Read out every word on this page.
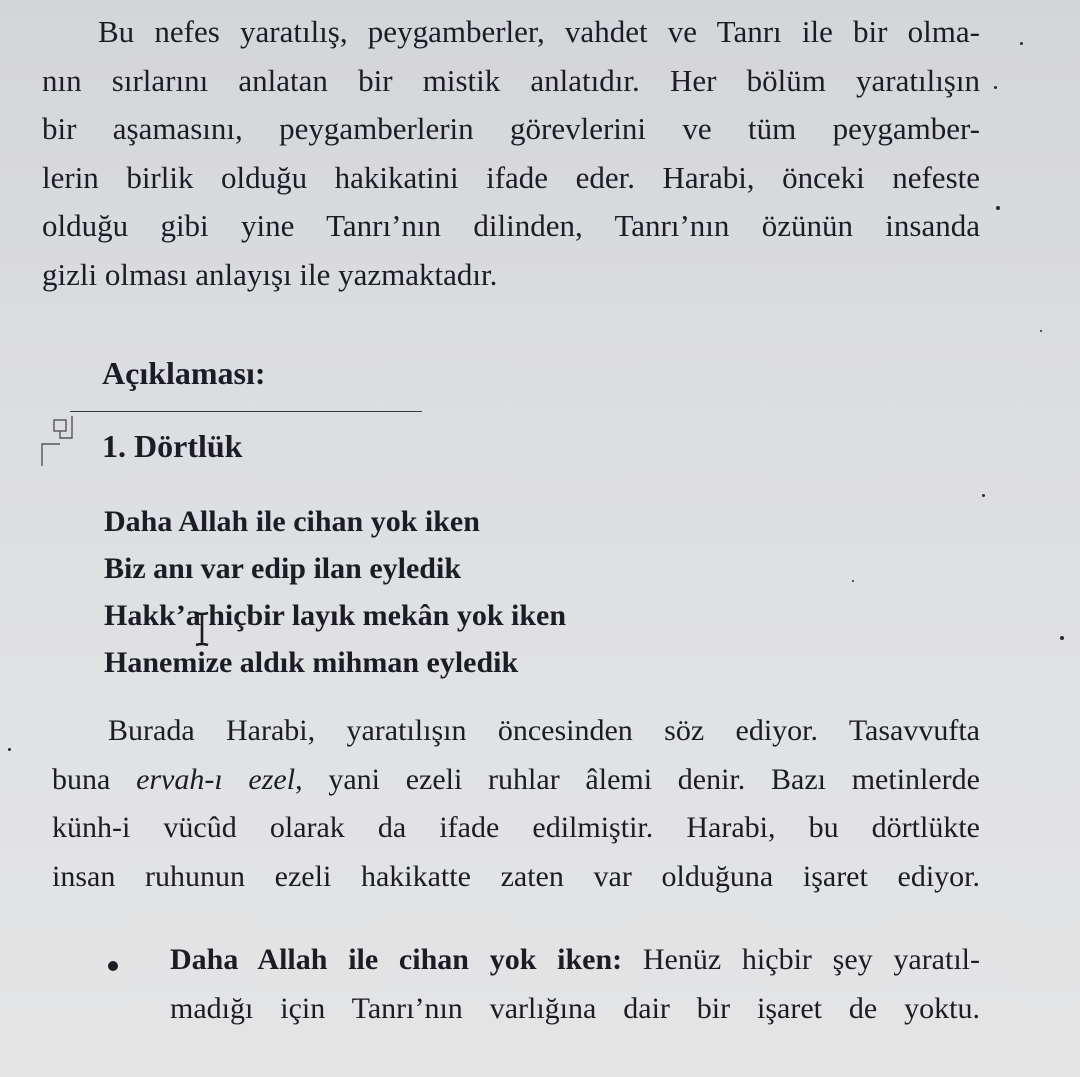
Bu nefes yaratılış, peygamberler, vahdet ve Tanrı ile bir olma-
nın sırlarını anlatan bir mistik anlatıdır. Her bölüm yaratılışın
bir aşamasını, peygamberlerin görevlerini ve tüm peygamber-
lerin birlik olduğu hakikatini ifade eder. Harabi, önceki nefeste
olduğu gibi yine Tanrı’nın dilinden, Tanrı’nın özünün insanda
gizli olması anlayışı ile yazmaktadır.

Açıklaması:
1. Dörtlük
Daha Allah ile cihan yok iken
Biz anı var edip ilan eyledik
Hakk’a hiçbir layık mekân yok iken
Hanemize aldık mihman eyledik

Burada Harabi, yaratılışın öncesinden söz ediyor. Tasavvufta
buna ervah-ı ezel, yani ezeli ruhlar âlemi denir. Bazı metinlerde
künh-i vücûd olarak da ifade edilmiştir. Harabi, bu dörtlükte
insan ruhunun ezeli hakikatte zaten var olduğuna işaret ediyor.

Daha Allah ile cihan yok iken: Henüz hiçbir şey yaratıl-
madığı için Tanrı’nın varlığına dair bir işaret de yoktu.
